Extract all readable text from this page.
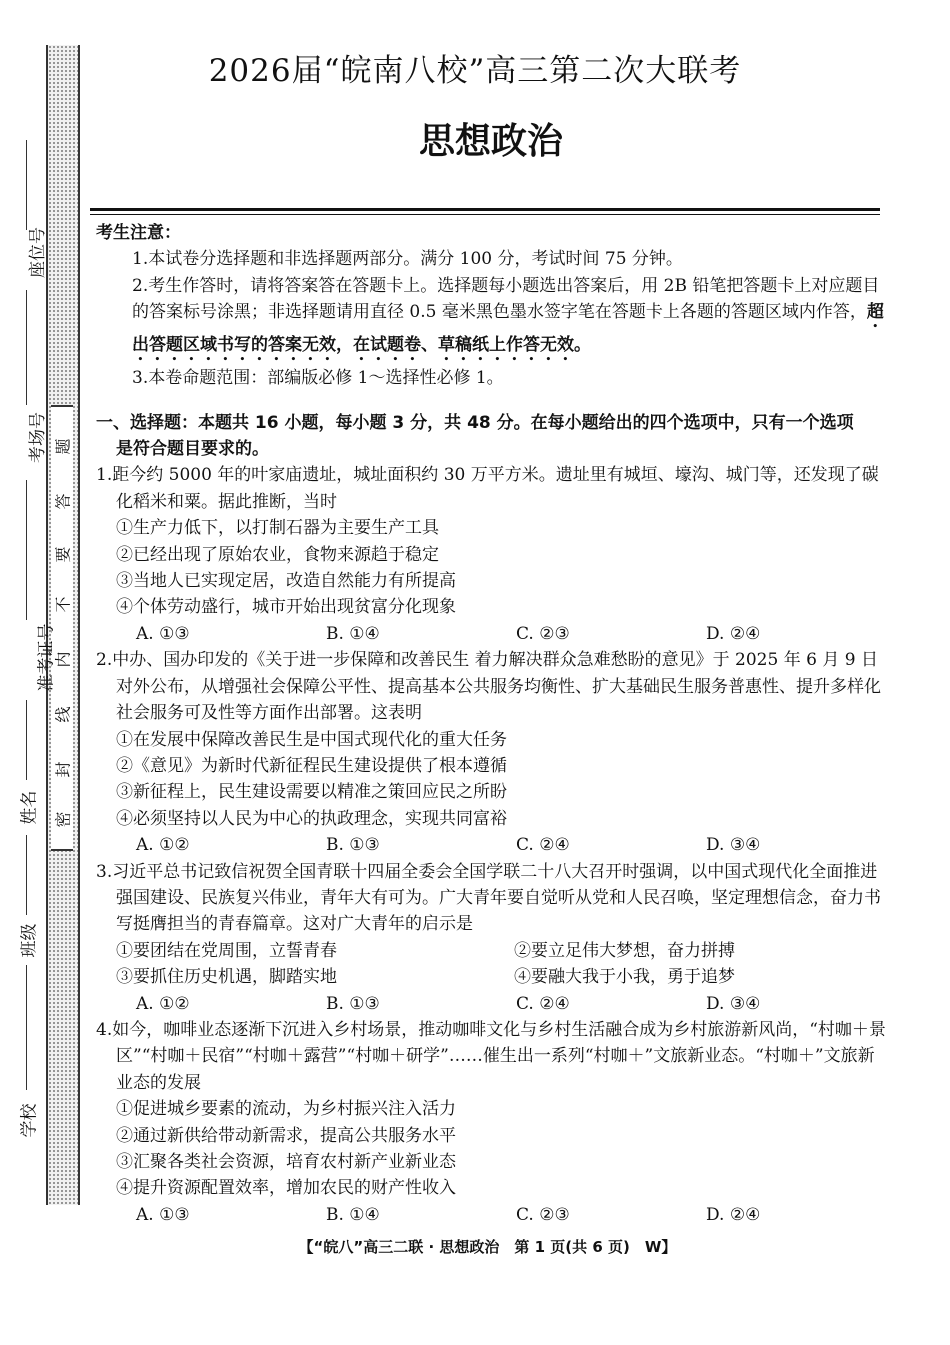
密
封
线
内
不
要
答
题
座位号
考场号
准考证号
姓名
班级
学校
2026届“皖南八校”高三第二次大联考
思想政治
考生注意：
1.本试卷分选择题和非选择题两部分。满分 100 分，考试时间 75 分钟。
2.考生作答时，请将答案答在答题卡上。选择题每小题选出答案后，用 2B 铅笔把答题卡上对应题目的答案标号涂黑；非选择题请用直径 0.5 毫米黑色墨水签字笔在答题卡上各题的答题区域内作答，超出答题区域书写的答案无效，在试题卷、草稿纸上作答无效。
3.本卷命题范围：部编版必修 1～选择性必修 1。
一、选择题：本题共 16 小题，每小题 3 分，共 48 分。在每小题给出的四个选项中，只有一个选项
是符合题目要求的。
1.距今约 5000 年的叶家庙遗址，城址面积约 30 万平方米。遗址里有城垣、壕沟、城门等，还发现了碳化稻米和粟。据此推断，当时
①生产力低下，以打制石器为主要生产工具
②已经出现了原始农业，食物来源趋于稳定
③当地人已实现定居，改造自然能力有所提高
④个体劳动盛行，城市开始出现贫富分化现象
A. ①③	B. ①④	C. ②③	D. ②④
2.中办、国办印发的《关于进一步保障和改善民生 着力解决群众急难愁盼的意见》于 2025 年 6 月 9 日对外公布，从增强社会保障公平性、提高基本公共服务均衡性、扩大基础民生服务普惠性、提升多样化社会服务可及性等方面作出部署。这表明
①在发展中保障改善民生是中国式现代化的重大任务
②《意见》为新时代新征程民生建设提供了根本遵循
③新征程上，民生建设需要以精准之策回应民之所盼
④必须坚持以人民为中心的执政理念，实现共同富裕
A. ①②	B. ①③	C. ②④	D. ③④
3.习近平总书记致信祝贺全国青联十四届全委会全国学联二十八大召开时强调，以中国式现代化全面推进强国建设、民族复兴伟业，青年大有可为。广大青年要自觉听从党和人民召唤，坚定理想信念，奋力书写挺膺担当的青春篇章。这对广大青年的启示是
①要团结在党周围，立誓青春	②要立足伟大梦想，奋力拼搏
③要抓住历史机遇，脚踏实地	④要融大我于小我，勇于追梦
A. ①②	B. ①③	C. ②④	D. ③④
4.如今，咖啡业态逐渐下沉进入乡村场景，推动咖啡文化与乡村生活融合成为乡村旅游新风尚，“村咖＋景区”“村咖＋民宿”“村咖＋露营”“村咖＋研学”……催生出一系列“村咖＋”文旅新业态。“村咖＋”文旅新业态的发展
①促进城乡要素的流动，为乡村振兴注入活力
②通过新供给带动新需求，提高公共服务水平
③汇聚各类社会资源，培育农村新产业新业态
④提升资源配置效率，增加农民的财产性收入
A. ①③	B. ①④	C. ②③	D. ②④
【“皖八”高三二联 · 思想政治　第 1 页(共 6 页)　W】
